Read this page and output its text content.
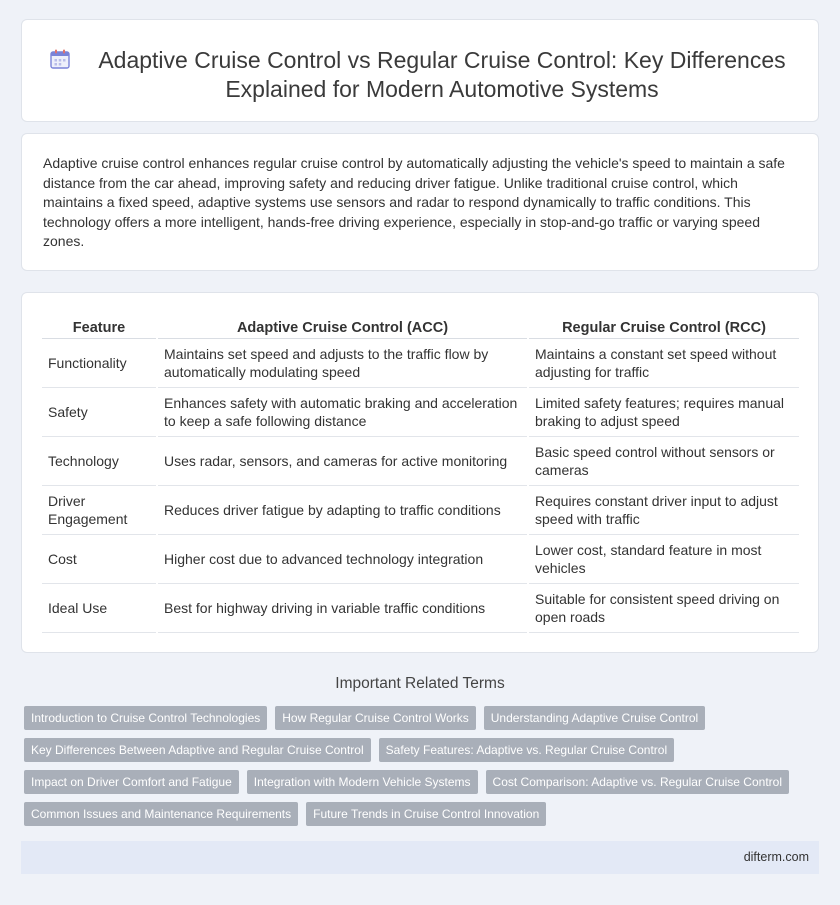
Adaptive Cruise Control vs Regular Cruise Control: Key Differences Explained for Modern Automotive Systems

Adaptive cruise control enhances regular cruise control by automatically adjusting the vehicle's speed to maintain a safe distance from the car ahead, improving safety and reducing driver fatigue. Unlike traditional cruise control, which maintains a fixed speed, adaptive systems use sensors and radar to respond dynamically to traffic conditions. This technology offers a more intelligent, hands-free driving experience, especially in stop-and-go traffic or varying speed zones.

Feature	Adaptive Cruise Control (ACC)	Regular Cruise Control (RCC)
Functionality	Maintains set speed and adjusts to the traffic flow by automatically modulating speed	Maintains a constant set speed without adjusting for traffic
Safety	Enhances safety with automatic braking and acceleration to keep a safe following distance	Limited safety features; requires manual braking to adjust speed
Technology	Uses radar, sensors, and cameras for active monitoring	Basic speed control without sensors or cameras
Driver Engagement	Reduces driver fatigue by adapting to traffic conditions	Requires constant driver input to adjust speed with traffic
Cost	Higher cost due to advanced technology integration	Lower cost, standard feature in most vehicles
Ideal Use	Best for highway driving in variable traffic conditions	Suitable for consistent speed driving on open roads
Important Related Terms
Introduction to Cruise Control Technologies	How Regular Cruise Control Works	Understanding Adaptive Cruise Control
Key Differences Between Adaptive and Regular Cruise Control	Safety Features: Adaptive vs. Regular Cruise Control
Impact on Driver Comfort and Fatigue	Integration with Modern Vehicle Systems	Cost Comparison: Adaptive vs. Regular Cruise Control
Common Issues and Maintenance Requirements	Future Trends in Cruise Control Innovation
difterm.com
